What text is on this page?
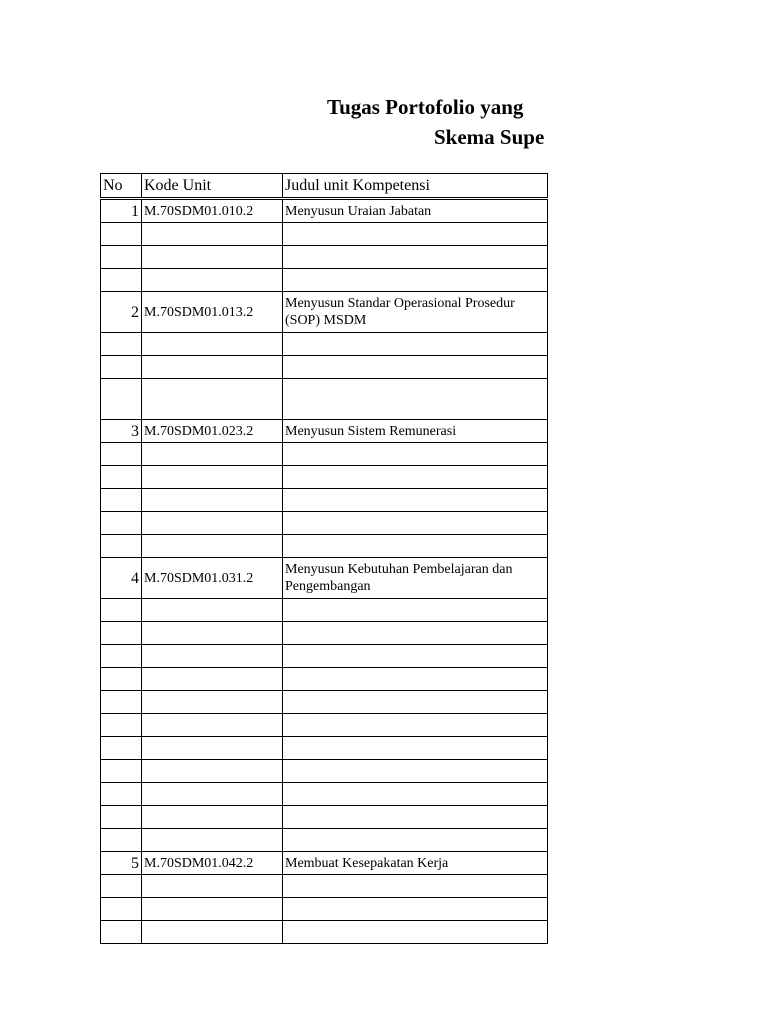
Tugas Portofolio yang
Skema Supe
No	Kode Unit	Judul unit Kompetensi
1	M.70SDM01.010.2	Menyusun Uraian Jabatan

2	M.70SDM01.013.2	Menyusun Standar Operasional Prosedur (SOP) MSDM

3	M.70SDM01.023.2	Menyusun Sistem Remunerasi

4	M.70SDM01.031.2	Menyusun Kebutuhan Pembelajaran dan Pengembangan

5	M.70SDM01.042.2	Membuat Kesepakatan Kerja
